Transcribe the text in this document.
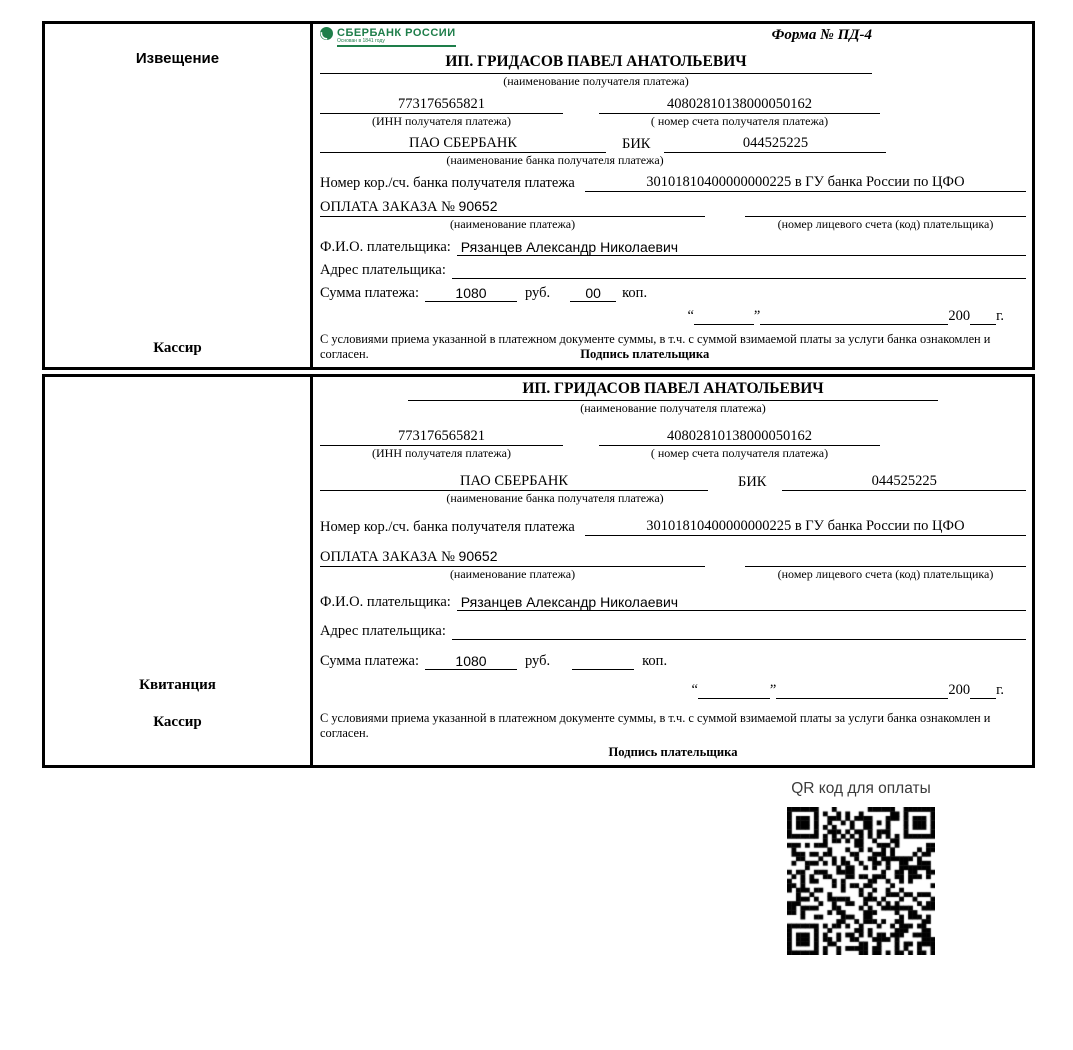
Извещение
Кассир
СБЕРБАНК РОССИИ
Основан в 1841 году	Форма № ПД-4
ИП. ГРИДАСОВ ПАВЕЛ АНАТОЛЬЕВИЧ
(наименование получателя платежа)
773176565821	40802810138000050162
(ИНН получателя платежа)	( номер счета получателя платежа)
ПАО СБЕРБАНК	БИК	044525225
(наименование банка получателя платежа)
Номер кор./сч. банка получателя платежа	30101810400000000225 в ГУ банка России по ЦФО
ОПЛАТА ЗАКАЗА № 90652
(наименование платежа)	(номер лицевого счета (код) плательщика)
Ф.И.О. плательщика: Рязанцев Александр Николаевич
Адрес плательщика:
Сумма платежа:	1080	руб.	00	коп.
“	”	200 г.
С условиями приема указанной в платежном документе суммы, в т.ч. с суммой взимаемой платы за услуги банка ознакомлен и согласен.	Подпись плательщика
Квитанция
Кассир
ИП. ГРИДАСОВ ПАВЕЛ АНАТОЛЬЕВИЧ
(наименование получателя платежа)
773176565821	40802810138000050162
(ИНН получателя платежа)	( номер счета получателя платежа)
ПАО СБЕРБАНК	БИК	044525225
(наименование банка получателя платежа)
Номер кор./сч. банка получателя платежа	30101810400000000225 в ГУ банка России по ЦФО
ОПЛАТА ЗАКАЗА № 90652
(наименование платежа)	(номер лицевого счета (код) плательщика)
Ф.И.О. плательщика: Рязанцев Александр Николаевич
Адрес плательщика:
Сумма платежа:	1080	руб.	коп.
“	”	200 г.
С условиями приема указанной в платежном документе суммы, в т.ч. с суммой взимаемой платы за услуги банка ознакомлен и согласен.
Подпись плательщика
QR код для оплаты
